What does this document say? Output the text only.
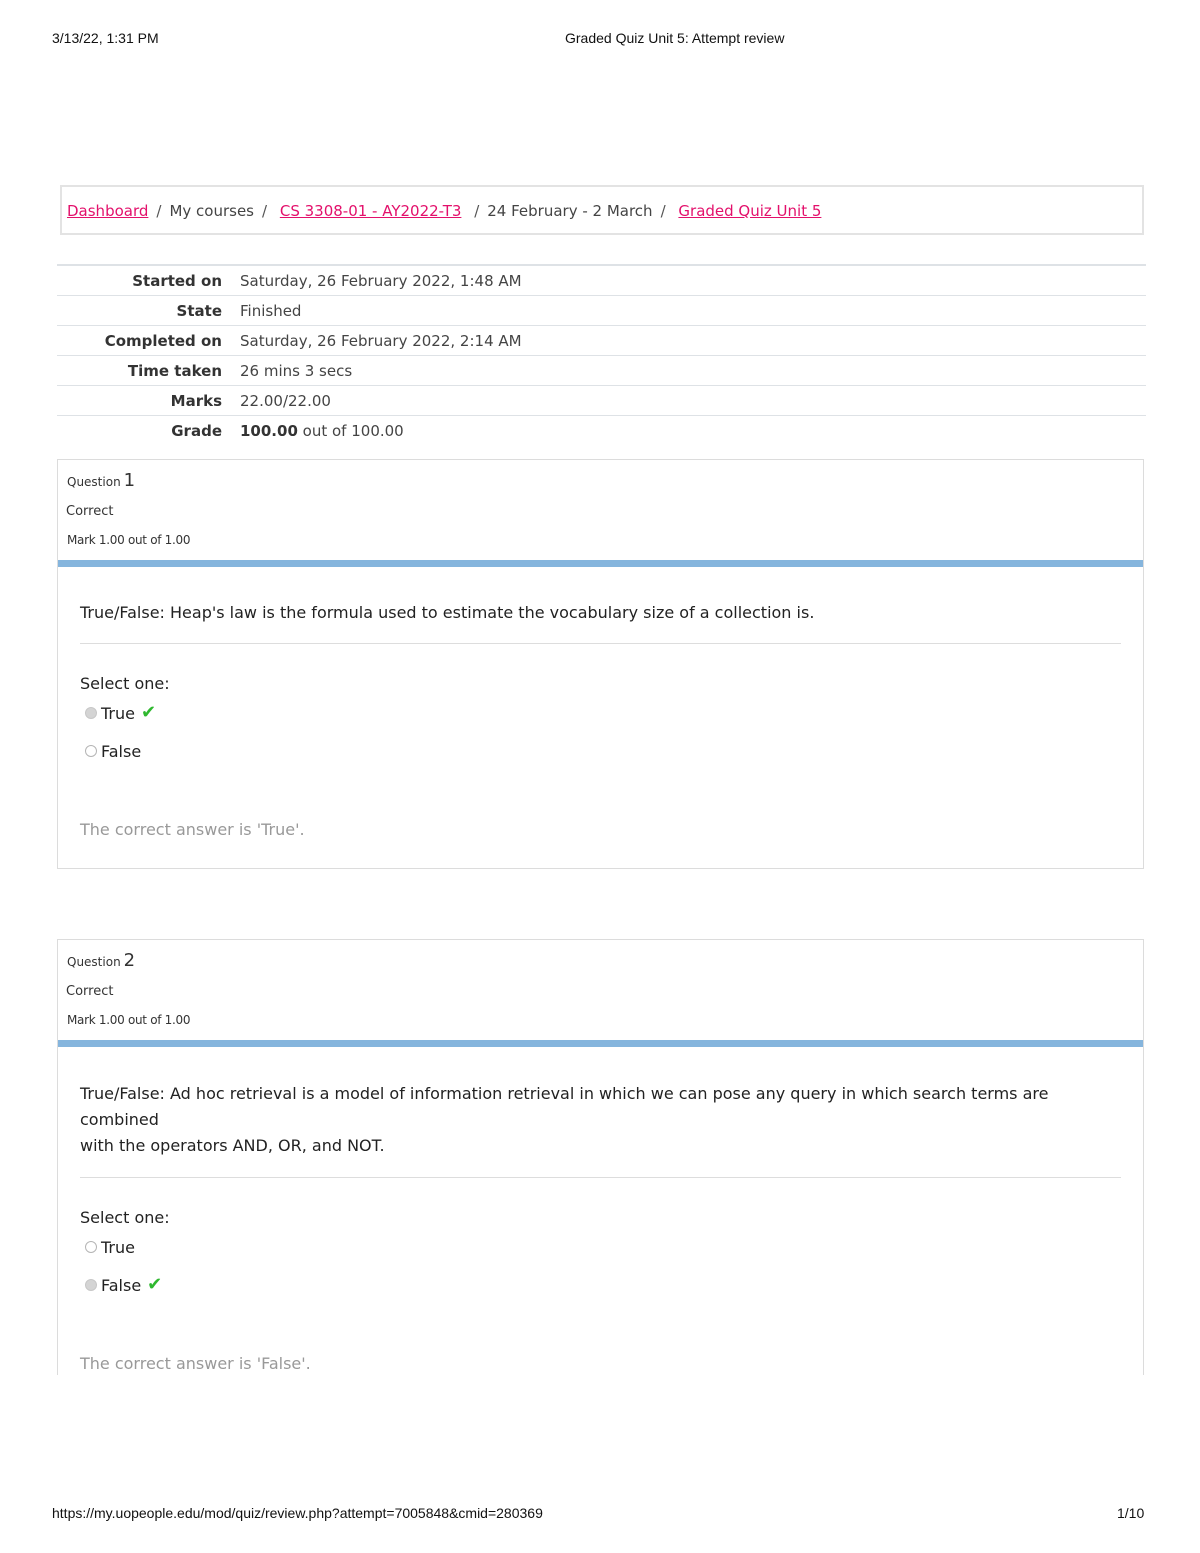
3/13/22, 1:31 PM	Graded Quiz Unit 5: Attempt review
Dashboard / My courses / CS 3308-01 - AY2022-T3 / 24 February - 2 March / Graded Quiz Unit 5
Started on	Saturday, 26 February 2022, 1:48 AM
State	Finished
Completed on	Saturday, 26 February 2022, 2:14 AM
Time taken	26 mins 3 secs
Marks	22.00/22.00
Grade	100.00 out of 100.00
Question 1
Correct
Mark 1.00 out of 1.00
True/False: Heap's law is the formula used to estimate the vocabulary size of a collection is.
Select one:
True ✔
False
The correct answer is 'True'.
Question 2
Correct
Mark 1.00 out of 1.00
True/False: Ad hoc retrieval is a model of information retrieval in which we can pose any query in which search terms are combined
with the operators AND, OR, and NOT.
Select one:
True
False ✔
The correct answer is 'False'.
https://my.uopeople.edu/mod/quiz/review.php?attempt=7005848&cmid=280369	1/10
